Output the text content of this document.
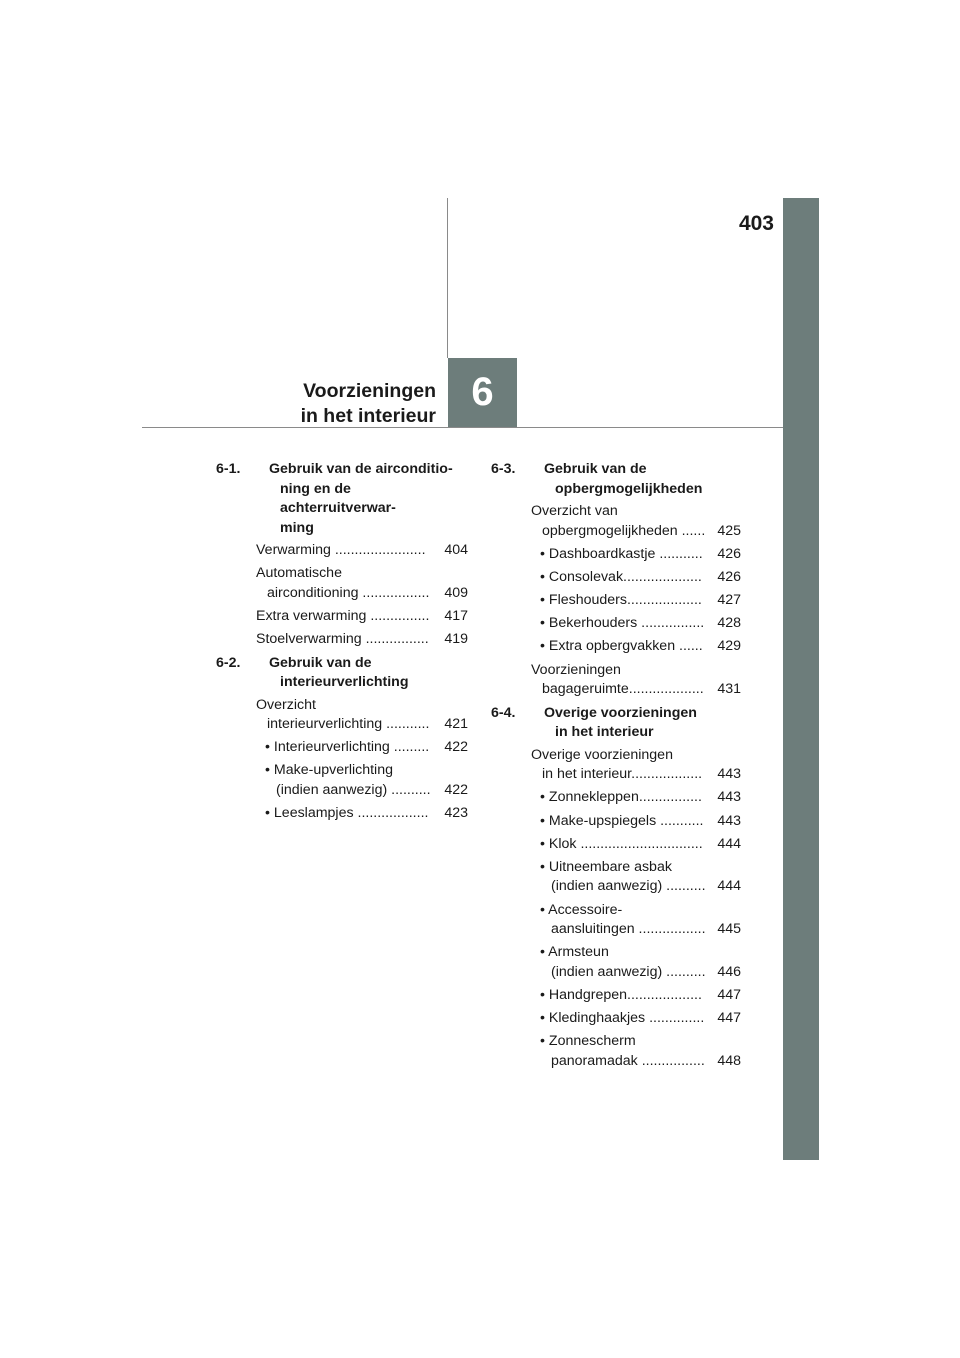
403
6
Voorzieningen
in het interieur
6-1.	Gebruik van de airconditio-
ning en de achterruitverwar-
ming
Verwarming .......................	404
Automatische
airconditioning .................	409
Extra verwarming ...............	417
Stoelverwarming ................	419
6-2.	Gebruik van de
interieurverlichting
Overzicht
interieurverlichting ...........	421
• Interieurverlichting .........	422
• Make-upverlichting
(indien aanwezig) .......... 422
• Leeslampjes ..................	423
6-3.	Gebruik van de
opbergmogelijkheden
Overzicht van
opbergmogelijkheden ...... 425
• Dashboardkastje ...........	426
• Consolevak....................	426
• Fleshouders...................	427
• Bekerhouders ................ 428
• Extra opbergvakken ......	429
Voorzieningen
bagageruimte................... 431
6-4.	Overige voorzieningen
in het interieur
Overige voorzieningen
in het interieur..................	443
• Zonnekleppen................	443
• Make-upspiegels ........... 443
• Klok ...............................	444
• Uitneembare asbak
(indien aanwezig) .......... 444
• Accessoire-
aansluitingen ................. 445
• Armsteun
(indien aanwezig) .......... 446
• Handgrepen...................	447
• Kledinghaakjes .............. 447
• Zonnescherm
panoramadak ................ 448
